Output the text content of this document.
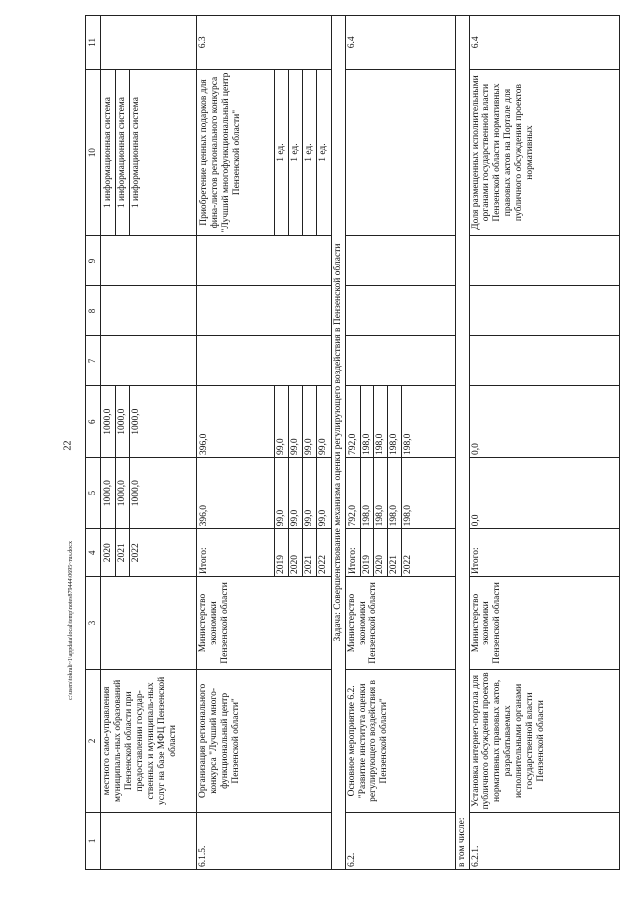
22
1	2	3	4	5	6	7	8	9	10	11
	местного само-управления муниципаль-ных образований Пензенской области при предоставлении государ-ственных и муниципаль-ных услуг на базе МФЦ Пензенской области		2020 2021 2022	1000,0 1000,0 1000,0	1000,0 1000,0 1000,0				1 информационная система 1 информационная система 1 информационная система	

6.1.5.	Организация регионального конкурса "Лучший много-функциональный центр Пензенской области"	Министерство экономики Пензенской области	Итого: 2019 2020 2021 2022	396,0 99,0 99,0 99,0 99,0	396,0 99,0 99,0 99,0 99,0				Приобретение ценных подарков для фина-листов регионального конкурса "Лучший многофункциональный центр Пензенской области" 1 ед. 1 ед. 1 ед. 1 ед.	6.3
Задача: Совершенствование механизма оценки регулирующего воздействия в Пензенской области										
6.2.	Основное мероприятие 6.2. "Развитие института оценки регулирующего воздействия в Пензенской области"	Министерство экономики Пензенской области	Итого: 2019 2020 2021 2022	792,0 198,0 198,0 198,0 198,0	792,0 198,0 198,0 198,0 198,0					6.4
в том числе:										
6.2.1.	Установка интернет-портала для публичного обсуждения проектов нормативных правовых актов, разрабатываемых исполнительными органами государственной власти Пензенской области	Министерство экономики Пензенской области	Итого:	0,0	0,0				Доля размещенных исполнительными органами государственной власти Пензенской области нормативных правовых актов на Портале для публичного обсуждения проектов нормативных	6.4
c:\users\tokrali~1\appdata\local\temp\notes879444\0695~rus.docx
